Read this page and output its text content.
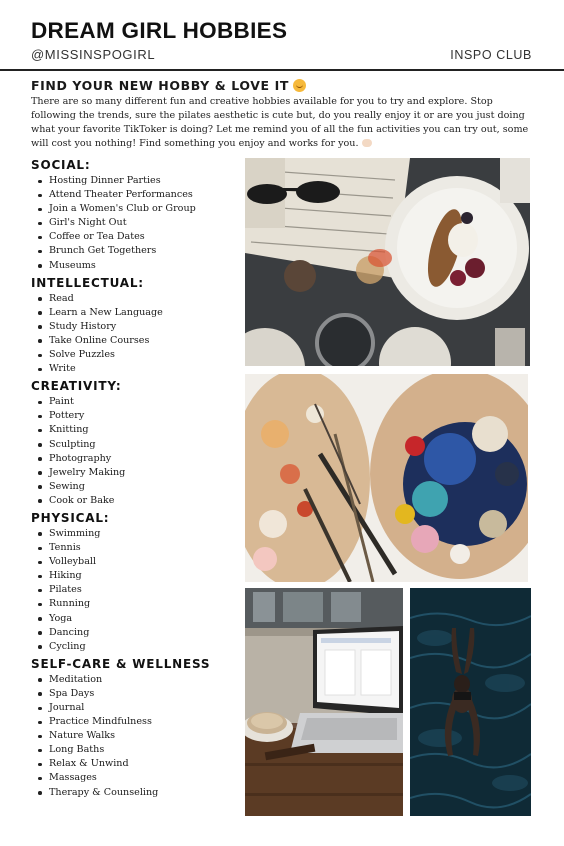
DREAM GIRL HOBBIES
@MISSINSPOGIRL	INSPO CLUB
FIND YOUR NEW HOBBY & LOVE IT
There are so many different fun and creative hobbies available for you to try and explore. Stop following the trends, sure the pilates aesthetic is cute but, do you really enjoy it or are you just doing what your favorite TikToker is doing? Let me remind you of all the fun activities you can try out, some will cost you nothing! Find something you enjoy and works for you.
SOCIAL:
Hosting Dinner Parties
Attend Theater Performances
Join a Women's Club or Group
Girl's Night Out
Coffee or Tea Dates
Brunch Get Togethers
Museums
INTELLECTUAL:
Read
Learn a New Language
Study History
Take Online Courses
Solve Puzzles
Write
CREATIVITY:
Paint
Pottery
Knitting
Sculpting
Photography
Jewelry Making
Sewing
Cook or Bake
PHYSICAL:
Swimming
Tennis
Volleyball
Hiking
Pilates
Running
Yoga
Dancing
Cycling
SELF-CARE & WELLNESS
Meditation
Spa Days
Journal
Practice Mindfulness
Nature Walks
Long Baths
Relax & Unwind
Massages
Therapy & Counseling
